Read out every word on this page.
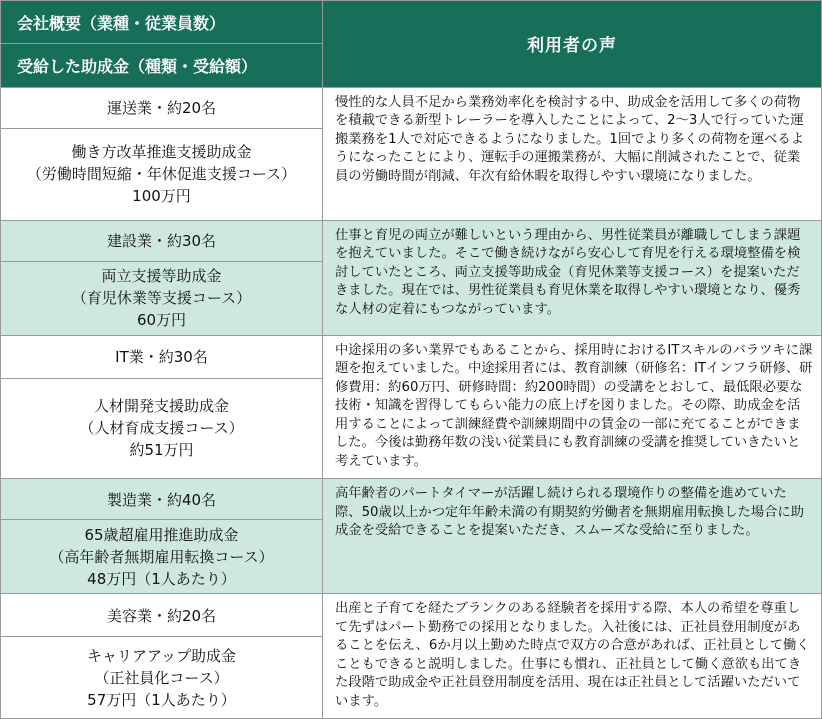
会社概要（業種・従業員数）	利用者の声
受給した助成金（種類・受給額）	
運送業・約20名	慢性的な人員不足から業務効率化を検討する中、助成金を活用して多くの荷物を積載できる新型トレーラーを導入したことによって、2～3人で行っていた運搬業務を1人で対応できるようになりました。1回でより多くの荷物を運べるようになったことにより、運転手の運搬業務が、大幅に削減されたことで、従業員の労働時間が削減、年次有給休暇を取得しやすい環境になりました。
働き方改革推進支援助成金
（労働時間短縮・年休促進支援コース）
100万円	
建設業・約30名	仕事と育児の両立が難しいという理由から、男性従業員が離職してしまう課題を抱えていました。そこで働き続けながら安心して育児を行える環境整備を検討していたところ、両立支援等助成金（育児休業等支援コース）を提案いただきました。現在では、男性従業員も育児休業を取得しやすい環境となり、優秀な人材の定着にもつながっています。
両立支援等助成金
（育児休業等支援コース）
60万円	
IT業・約30名	中途採用の多い業界でもあることから、採用時におけるITスキルのバラツキに課題を抱えていました。中途採用者には、教育訓練（研修名：ITインフラ研修、研修費用：約60万円、研修時間：約200時間）の受講をとおして、最低限必要な技術・知識を習得してもらい能力の底上げを図りました。その際、助成金を活用することによって訓練経費や訓練期間中の賃金の一部に充てることができました。今後は勤務年数の浅い従業員にも教育訓練の受講を推奨していきたいと考えています。
人材開発支援助成金
（人材育成支援コース）
約51万円	
製造業・約40名	高年齢者のパートタイマーが活躍し続けられる環境作りの整備を進めていた際、50歳以上かつ定年年齢未満の有期契約労働者を無期雇用転換した場合に助成金を受給できることを提案いただき、スムーズな受給に至りました。
65歳超雇用推進助成金
（高年齢者無期雇用転換コース）
48万円（1人あたり）	
美容業・約20名	出産と子育てを経たブランクのある経験者を採用する際、本人の希望を尊重して先ずはパート勤務での採用となりました。入社後には、正社員登用制度があることを伝え、6か月以上勤めた時点で双方の合意があれば、正社員として働くこともできると説明しました。仕事にも慣れ、正社員として働く意欲も出てきた段階で助成金や正社員登用制度を活用、現在は正社員として活躍いただいています。
キャリアアップ助成金
（正社員化コース）
57万円（1人あたり）	
